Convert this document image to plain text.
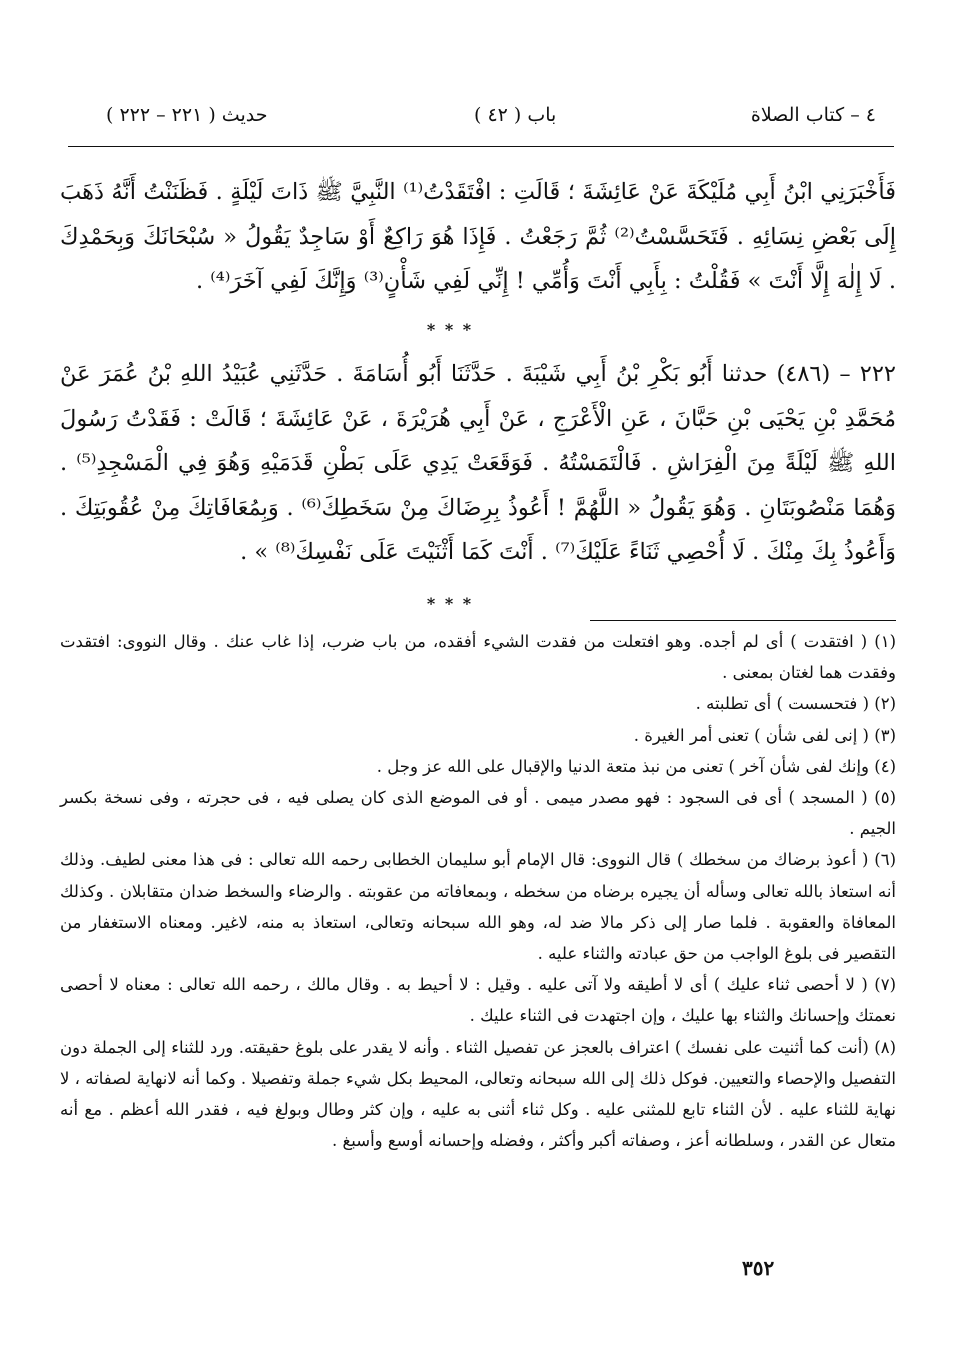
( ٢٢١ – ٢٢٢ ) حديث	( ٤٢ ) باب	٤ – كتاب الصلاة

فَأَخْبَرَنِي ابْنُ أَبِي مُلَيْكَةَ عَنْ عَائِشَةَ ؛ قَالَتِ : افْتَقَدْتُ⁽¹⁾ النَّبِيَّ ﷺ ذَاتَ لَيْلَةٍ . فَظَنَنْتُ أَنَّهُ ذَهَبَ إِلَى بَعْضِ نِسَائِهِ . فَتَحَسَّسْتُ⁽²⁾ ثُمَّ رَجَعْتُ . فَإِذَا هُوَ رَاكِعٌ أَوْ سَاجِدٌ يَقُولُ « سُبْحَانَكَ وَبِحَمْدِكَ . لَا إِلٰهَ إِلَّا أَنْتَ » فَقُلْتُ : بِأَبِي أَنْتَ وَأُمِّي ! إِنِّي لَفِي شَأْنٍ⁽³⁾ وَإِنَّكَ لَفِي آخَرَ⁽⁴⁾ .

* * *

٢٢٢ – (٤٨٦) حدثنا أَبُو بَكْرِ بْنُ أَبِي شَيْبَةَ . حَدَّثَنَا أَبُو أُسَامَةَ . حَدَّثَنِي عُبَيْدُ اللهِ بْنُ عُمَرَ عَنْ مُحَمَّدِ بْنِ يَحْيَى بْنِ حَبَّانَ ، عَنِ الْأَعْرَجِ ، عَنْ أَبِي هُرَيْرَةَ ، عَنْ عَائِشَةَ ؛ قَالَتْ : فَقَدْتُ رَسُولَ اللهِ ﷺ لَيْلَةً مِنَ الْفِرَاشِ . فَالْتَمَسْتُهُ . فَوَقَعَتْ يَدِي عَلَى بَطْنِ قَدَمَيْهِ وَهُوَ فِي الْمَسْجِدِ⁽⁵⁾ . وَهُمَا مَنْصُوبَتَانِ . وَهُوَ يَقُولُ « اللَّهُمَّ ! أَعُوذُ بِرِضَاكَ مِنْ سَخَطِكَ⁽⁶⁾ . وَبِمُعَافَاتِكَ مِنْ عُقُوبَتِكَ . وَأَعُوذُ بِكَ مِنْكَ . لَا أُحْصِي ثَنَاءً عَلَيْكَ⁽⁷⁾ . أَنْتَ كَمَا أَثْنَيْتَ عَلَى نَفْسِكَ⁽⁸⁾ » .

* * *

(١) ( افتقدت ) أى لم أجده. وهو افتعلت من فقدت الشيء أفقده، من باب ضرب، إذا غاب عنك . وقال النووى: افتقدت وفقدت هما لغتان بمعنى .

(٢) ( فتحسست ) أى تطلبته .

(٣) ( إنى لفى شأن ) تعنى أمر الغيرة .

(٤) وإنك لفى شأن آخر ) تعنى من نبذ متعة الدنيا والإقبال على الله عز وجل .

(٥) ( المسجد ) أى فى السجود : فهو مصدر ميمى . أو فى الموضع الذى كان يصلى فيه ، فى حجرته ، وفى نسخة بكسر الجيم .

(٦) ( أعوذ برضاك من سخطك ) قال النووى: قال الإمام أبو سليمان الخطابى رحمه الله تعالى : فى هذا معنى لطيف. وذلك أنه استعاذ بالله تعالى وسأله أن يجيره برضاه من سخطه ، وبمعافاته من عقوبته . والرضاء والسخط ضدان متقابلان . وكذلك المعافاة والعقوبة . فلما صار إلى ذكر مالا ضد له، وهو الله سبحانه وتعالى، استعاذ به منه، لاغير. ومعناه الاستغفار من التقصير فى بلوغ الواجب من حق عبادته والثناء عليه .

(٧) ( لا أحصى ثناء عليك ) أى لا أطيقه ولا آتى عليه . وقيل : لا أحيط به . وقال مالك ، رحمه الله تعالى : معناه لا أحصى نعمتك وإحسانك والثناء بها عليك ، وإن اجتهدت فى الثناء عليك .

(٨) (أنت كما أثنيت على نفسك ) اعتراف بالعجز عن تفصيل الثناء . وأنه لا يقدر على بلوغ حقيقته. ورد للثناء إلى الجملة دون التفصيل والإحصاء والتعيين. فوكل ذلك إلى الله سبحانه وتعالى، المحيط بكل شيء جملة وتفصيلا . وكما أنه لانهاية لصفاته ، لا نهاية للثناء عليه . لأن الثناء تابع للمثنى عليه . وكل ثناء أثنى به عليه ، وإن كثر وطال وبولغ فيه ، فقدر الله أعظم . مع أنه متعال عن القدر ، وسلطانه أعز ، وصفاته أكبر وأكثر ، وفضله وإحسانه أوسع وأسبغ .

٣٥٢
